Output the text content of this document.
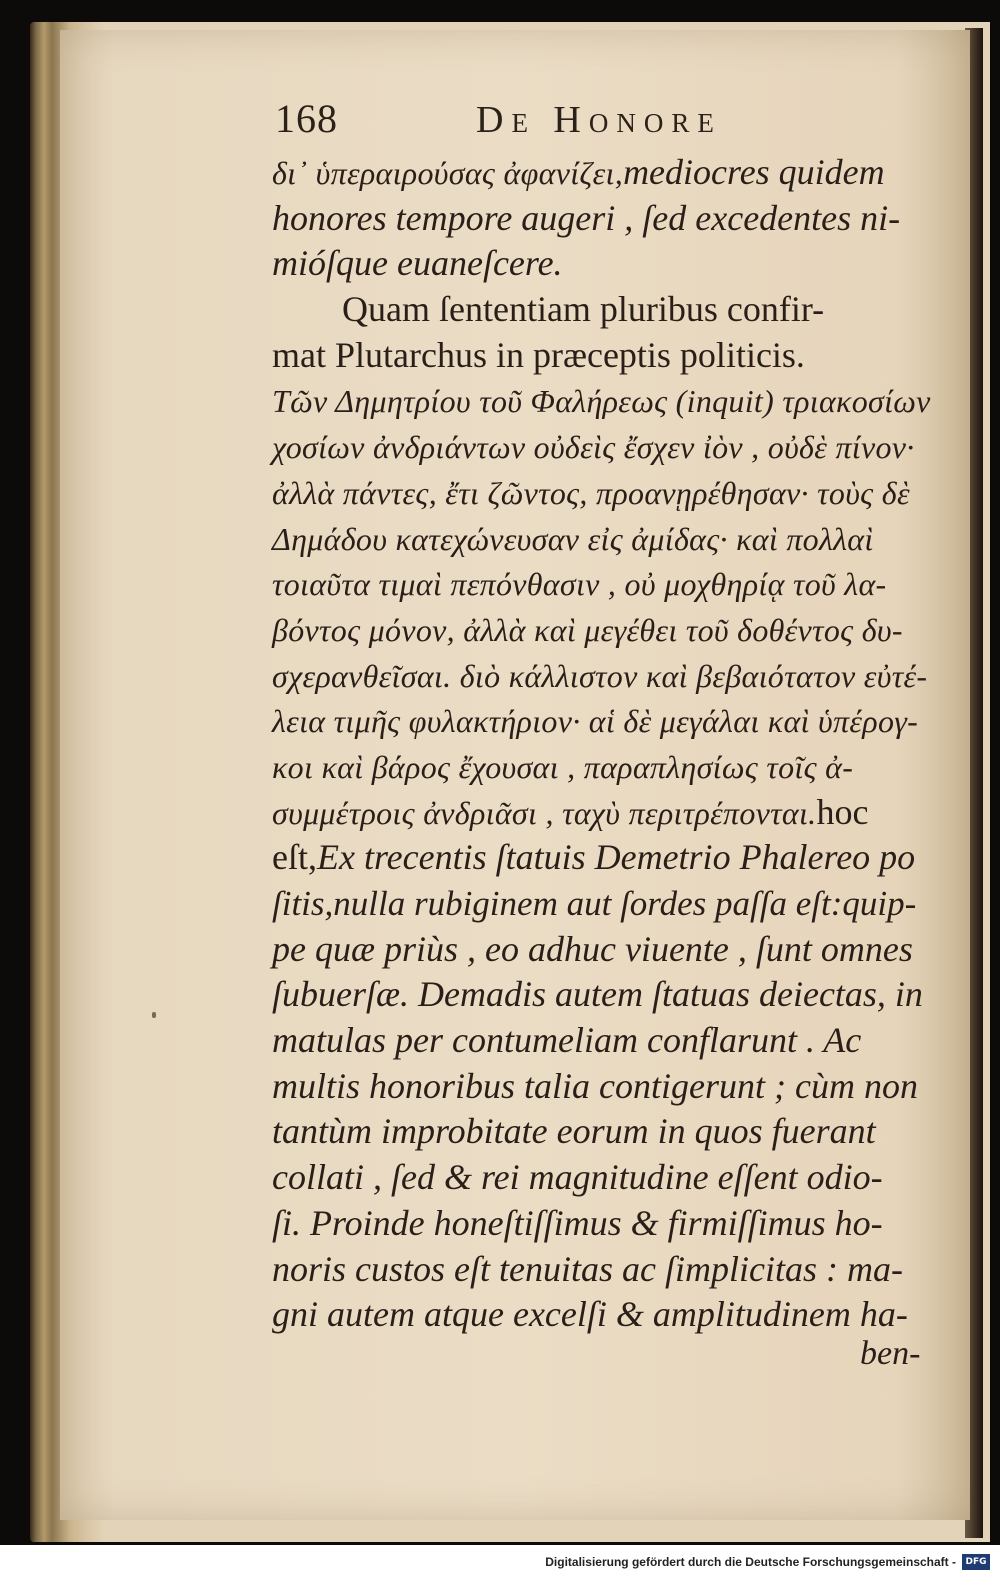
168	De Honore
δι᾽ ὑπεραιρούσας ἀφανίζει,mediocres quidem
honores tempore augeri , ſed excedentes ni-
mióſque euaneſcere.
Quam ſententiam pluribus confir-
mat Plutarchus in præceptis politicis.
Τῶν Δημητρίου τοῦ Φαλήρεως (inquit) τριακοσίων
χοσίων ἀνδριάντων οὐδεὶς ἔσχεν ἰὸν , οὐδὲ πίνον·
ἀλλὰ πάντες, ἔτι ζῶντος, προανῃρέθησαν· τοὺς δὲ
Δημάδου κατεχώνευσαν εἰς ἀμίδας· καὶ πολλαὶ
τοιαῦτα τιμαὶ πεπόνθασιν , οὐ μοχθηρίᾳ τοῦ λα-
βόντος μόνον, ἀλλὰ καὶ μεγέθει τοῦ δοθέντος δυ-
σχερανθεῖσαι. διὸ κάλλιστον καὶ βεβαιότατον εὐτέ-
λεια τιμῆς φυλακτήριον· αἱ δὲ μεγάλαι καὶ ὑπέρογ-
κοι καὶ βάρος ἔχουσαι , παραπλησίως τοῖς ἀ-
συμμέτροις ἀνδριᾶσι , ταχὺ περιτρέπονται.hoc
eſt,Ex trecentis ſtatuis Demetrio Phalereo po
ſitis,nulla rubiginem aut ſordes paſſa eſt:quip-
pe quæ priùs , eo adhuc viuente , ſunt omnes
ſubuerſæ. Demadis autem ſtatuas deiectas, in
matulas per contumeliam conflarunt . Ac
multis honoribus talia contigerunt ; cùm non
tantùm improbitate eorum in quos fuerant
collati , ſed & rei magnitudine eſſent odio-
ſi. Proinde honeſtiſſimus & firmiſſimus ho-
noris custos eſt tenuitas ac ſimplicitas : ma-
gni autem atque excelſi & amplitudinem ha-
ben-
Digitalisierung gefördert durch die Deutsche Forschungsgemeinschaft -	DFG
